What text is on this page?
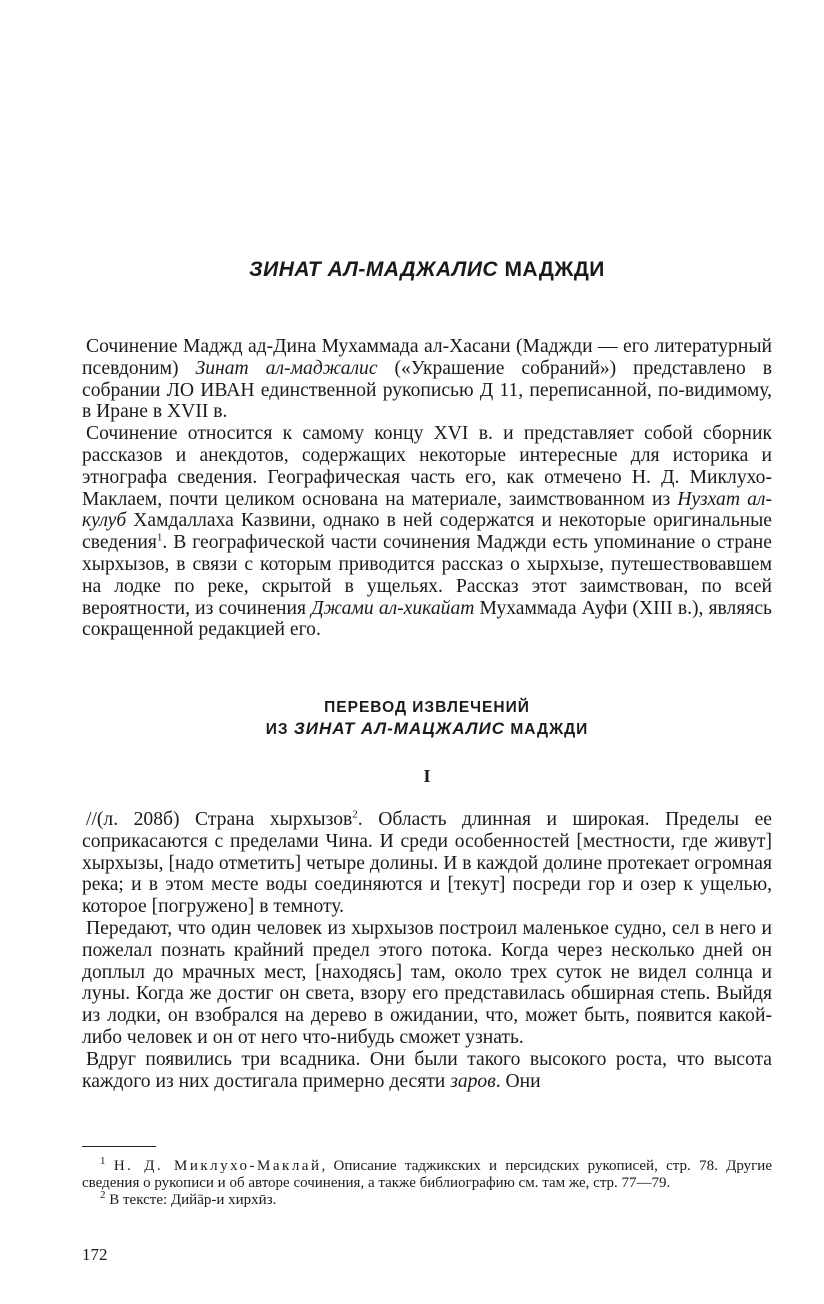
ЗИНАТ АЛ-МАДЖАЛИС МАДЖДИ

Сочинение Маджд ад-Дина Мухаммада ал-Хасани (Маджди — его литературный псевдоним) Зинат ал-маджалис («Украшение собраний») представлено в собрании ЛО ИВАН единственной рукописью Д 11, переписанной, по-видимому, в Иране в XVII в.

Сочинение относится к самому концу XVI в. и представляет собой сборник рассказов и анекдотов, содержащих некоторые интересные для историка и этнографа сведения. Географическая часть его, как отмечено Н. Д. Миклухо-Маклаем, почти целиком основана на материале, заимствованном из Нузхат ал-кулуб Хамдаллаха Казвини, однако в ней содержатся и некоторые оригинальные сведения$^1$. В географической части сочинения Маджди есть упоминание о стране хырхызов, в связи с которым приводится рассказ о хырхызе, путешествовавшем на лодке по реке, скрытой в ущельях. Рассказ этот заимствован, по всей вероятности, из сочинения Джами ал-хикайат Мухаммада Ауфи (XIII в.), являясь сокращенной редакцией его.

ПЕРЕВОД ИЗВЛЕЧЕНИЙ
ИЗ ЗИНАТ АЛ-МАЦЖАЛИС МАДЖДИ
I

//(л. 208б) Страна хырхызов$^2$. Область длинная и широкая. Пределы ее соприкасаются с пределами Чина. И среди особенностей [местности, где живут] хырхызы, [надо отметить] четыре долины. И в каждой долине протекает огромная река; и в этом месте воды соединяются и [текут] посреди гор и озер к ущелью, которое [погружено] в темноту.

Передают, что один человек из хырхызов построил маленькое судно, сел в него и пожелал познать крайний предел этого потока. Когда через несколько дней он доплыл до мрачных мест, [находясь] там, около трех суток не видел солнца и луны. Когда же достиг он света, взору его представилась обширная степь. Выйдя из лодки, он взобрался на дерево в ожидании, что, может быть, появится какой-либо человек и он от него что-нибудь сможет узнать.

Вдруг появились три всадника. Они были такого высокого роста, что высота каждого из них достигала примерно десяти заров. Они

$^1$ Н. Д. Миклухо-Маклай, Описание таджикских и персидских рукописей, стр. 78. Другие сведения о рукописи и об авторе сочинения, а также библиографию см. там же, стр. 77—79.

$^2$ В тексте: Дийāр-и хирхӣз.

172
